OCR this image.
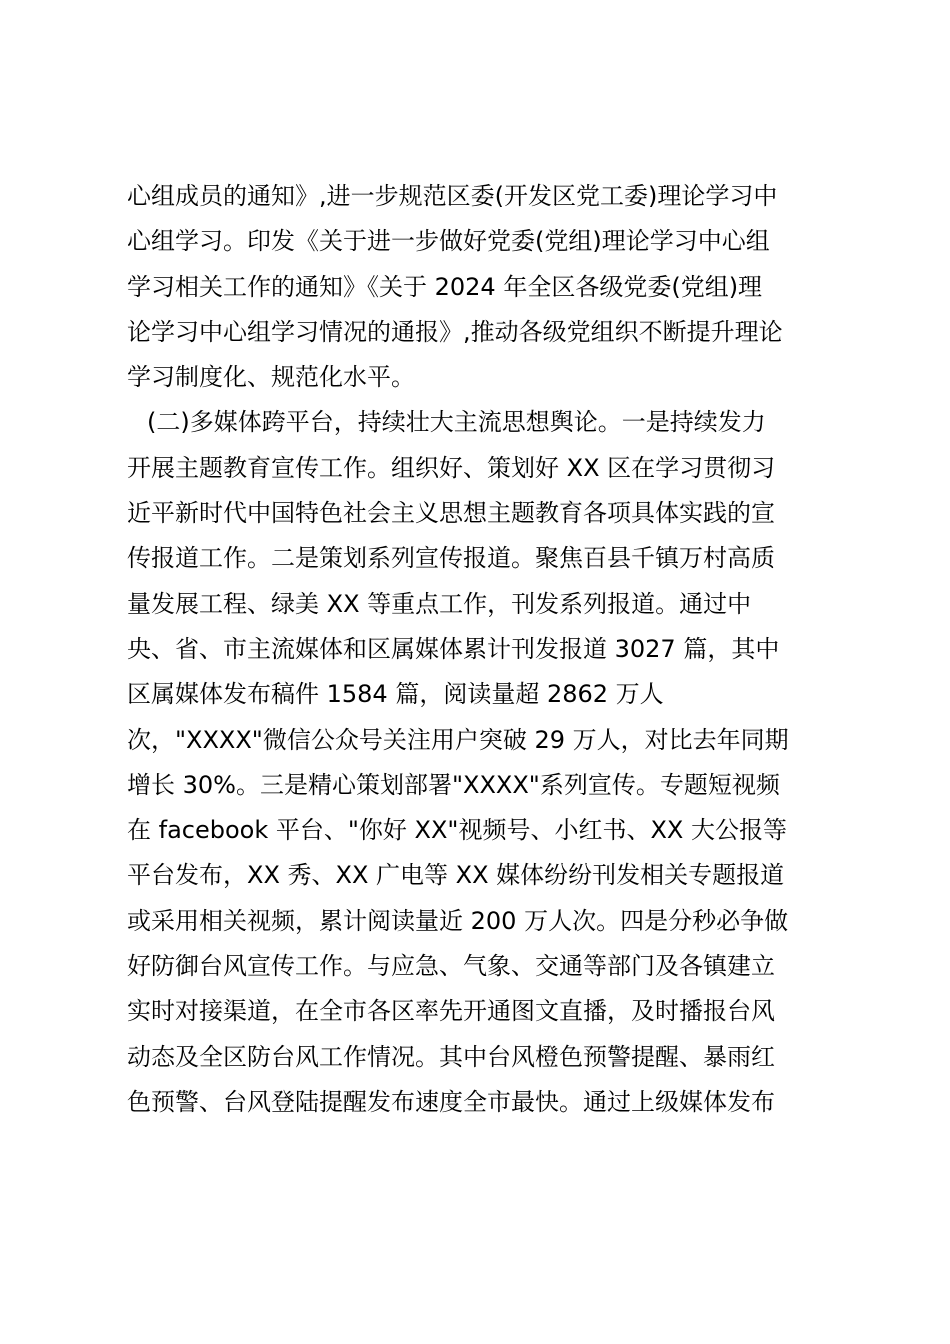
心组成员的通知》,进一步规范区委(开发区党工委)理论学习中
心组学习。印发《关于进一步做好党委(党组)理论学习中心组
学习相关工作的通知》《关于 2024 年全区各级党委(党组)理
论学习中心组学习情况的通报》,推动各级党组织不断提升理论
学习制度化、规范化水平。
(二)多媒体跨平台，持续壮大主流思想舆论。一是持续发力
开展主题教育宣传工作。组织好、策划好 XX 区在学习贯彻习
近平新时代中国特色社会主义思想主题教育各项具体实践的宣
传报道工作。二是策划系列宣传报道。聚焦百县千镇万村高质
量发展工程、绿美 XX 等重点工作，刊发系列报道。通过中
央、省、市主流媒体和区属媒体累计刊发报道 3027 篇，其中
区属媒体发布稿件 1584 篇，阅读量超 2862 万人
次，"XXXX"微信公众号关注用户突破 29 万人，对比去年同期
增长 30%。三是精心策划部署"XXXX"系列宣传。专题短视频
在 facebook 平台、"你好 XX"视频号、小红书、XX 大公报等
平台发布，XX 秀、XX 广电等 XX 媒体纷纷刊发相关专题报道
或采用相关视频，累计阅读量近 200 万人次。四是分秒必争做
好防御台风宣传工作。与应急、气象、交通等部门及各镇建立
实时对接渠道，在全市各区率先开通图文直播，及时播报台风
动态及全区防台风工作情况。其中台风橙色预警提醒、暴雨红
色预警、台风登陆提醒发布速度全市最快。通过上级媒体发布
